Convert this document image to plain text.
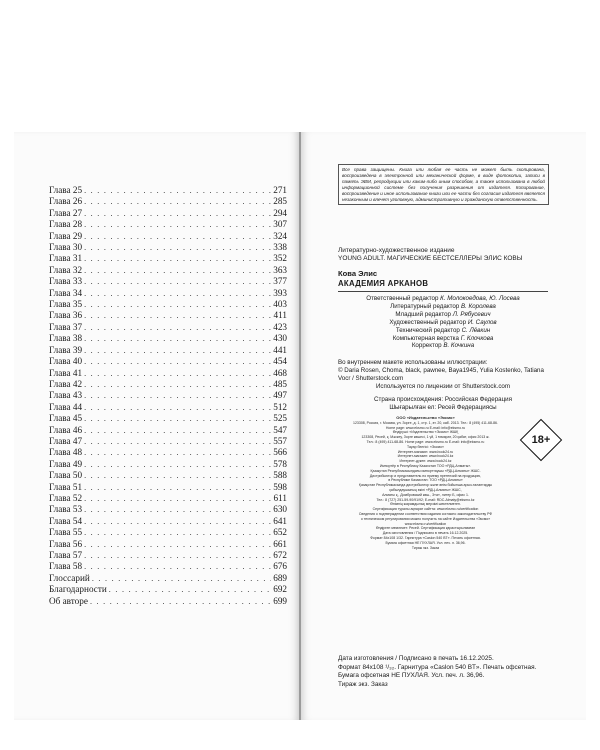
Глава 25 . . .	271
Глава 26 . . .	285
Глава 27 . . .	294
Глава 28 . . .	307
Глава 29 . . .	324
Глава 30 . . .	338
Глава 31 . . .	352
Глава 32 . . .	363
Глава 33 . . .	377
Глава 34 . . .	393
Глава 35 . . .	403
Глава 36 . . .	411
Глава 37 . . .	423
Глава 38 . . .	430
Глава 39 . . .	441
Глава 40 . . .	454
Глава 41 . . .	468
Глава 42 . . .	485
Глава 43 . . .	497
Глава 44 . . .	512
Глава 45 . . .	525
Глава 46 . . .	547
Глава 47 . . .	557
Глава 48 . . .	566
Глава 49 . . .	578
Глава 50 . . .	588
Глава 51 . . .	598
Глава 52 . . .	611
Глава 53 . . .	630
Глава 54 . . .	641
Глава 55 . . .	652
Глава 56 . . .	661
Глава 57 . . .	672
Глава 58 . . .	676
Глоссарий . . .	689
Благодарности . . .	692
Об авторе . . .	699
Все права защищены. Книга или любая ее часть не может быть скопирована, воспроизведена в электронной или механической форме, в виде фотокопии, записи в память ЭВМ, репродукции или каким-либо иным способом, а также использована в любой информационной системе без получения разрешения от издателя. Копирование, воспроизведение и иное использование книги или ее части без согласия издателя является незаконным и влечет уголовную, административную и гражданскую ответственность.
Литературно-художественное издание
YOUNG ADULT. МАГИЧЕСКИЕ БЕСТСЕЛЛЕРЫ ЭЛИС КОВЫ
Кова Элис
АКАДЕМИЯ АРКАНОВ
Ответственный редактор К. Молокоедова, Ю. Лосева
Литературный редактор В. Королева
Младший редактор Л. Рябусевич
Художественный редактор И. Саулов
Технический редактор С. Лёвкин
Компьютерная верстка Г. Клочкова
Корректор В. Кочкина
Во внутреннем макете использованы иллюстрации:
© Daria Rosen, Choma, black, pawnee, Baya1945, Yulia Kostenko, Tatiana Vocr / Shutterstock.com
Используется по лицензии от Shutterstock.com
Страна происхождения: Российская Федерация
Шығарылған ел: Ресей Федерациясы
ООО «Издательство «Эксмо»
123308, Россия, г. Москва, ул. Зорге, д. 1, стр. 1, эт. 20, каб. 2013. Тел.: 8 (495) 411-68-86.
Home page: www.eksmo.ru E-mail: info@eksmo.ru
Өндіруші: «Издательство «Эксмо» ЖШҚ
123308, Ресей, қ. Мәскеу, Зорге көшесі, 1 үй, 1 ғимарат, 20 қабат, офис 2013 ж.
Тел.: 8 (495) 411-68-86. Home page: www.eksmo.ru E-mail: info@eksmo.ru
Тауар белгісі: «Эксмо»
Интернет-магазин: www.book24.ru
Интернет-магазин: www.book24.kz
Интернет-дүкен: www.book24.kz
Импортёр в Республику Казахстан ТОО «РДЦ-Алматы».
Қазақстан Республикасындағы импорттаушы «РДЦ-Алматы» ЖШС.
Дистрибьютор и представитель по приему претензий на продукцию,
в Республике Казахстан: ТОО «РДЦ-Алматы»
Қазақстан Республикасында дистрибьютор және өнім бойынша арыз-талаптарды
қабылдаушының өкілі «РДЦ-Алматы» ЖШС,
Алматы қ., Домбровский көш., 3«а», литер Б, офис 1.
Тел.: 8 (727) 251-59-90/91/92; E-mail: RDC-Almaty@eksmo.kz
Өнімнің жарамдылық мерзімі шектелмеген.
Сертификация туралы ақпарат сайтта: www.eksmo.ru/certification
Сведения о подтверждении соответствия издания согласно законодательству РФ
о техническом регулировании можно получить на сайте Издательства «Эксмо»
www.eksmo.ru/certification
Өндірген мемлекет: Ресей. Сертификация қарастырылмаған
Дата изготовления / Подписано в печать 16.12.2025.
Формат 84x108 1/32. Гарнитура «Caslon 540 BT». Печать офсетная.
Бумага офсетная НЕ ПУХЛАЯ. Усл. печ. л. 36,96.
Тираж экз. Заказ
18+
Дата изготовления / Подписано в печать 16.12.2025.
Формат 84x108 ¹/₃₂. Гарнитура «Caslon 540 BT». Печать офсетная.
Бумага офсетная НЕ ПУХЛАЯ. Усл. печ. л. 36,96.
Тираж экз. Заказ
